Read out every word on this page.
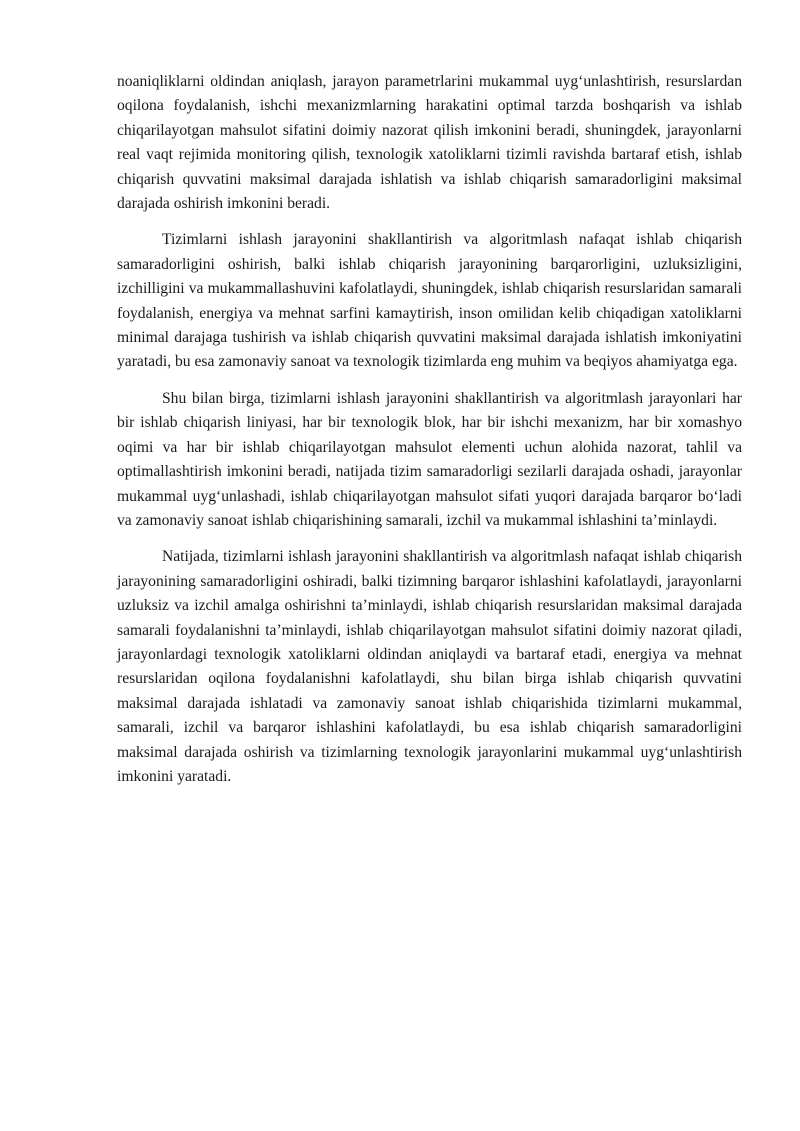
noaniqliklarni oldindan aniqlash, jarayon parametrlarini mukammal uyg‘unlashtirish, resurslardan oqilona foydalanish, ishchi mexanizmlarning harakatini optimal tarzda boshqarish va ishlab chiqarilayotgan mahsulot sifatini doimiy nazorat qilish imkonini beradi, shuningdek, jarayonlarni real vaqt rejimida monitoring qilish, texnologik xatoliklarni tizimli ravishda bartaraf etish, ishlab chiqarish quvvatini maksimal darajada ishlatish va ishlab chiqarish samaradorligini maksimal darajada oshirish imkonini beradi.

Tizimlarni ishlash jarayonini shakllantirish va algoritmlash nafaqat ishlab chiqarish samaradorligini oshirish, balki ishlab chiqarish jarayonining barqarorligini, uzluksizligini, izchilligini va mukammallashuvini kafolatlaydi, shuningdek, ishlab chiqarish resurslaridan samarali foydalanish, energiya va mehnat sarfini kamaytirish, inson omilidan kelib chiqadigan xatoliklarni minimal darajaga tushirish va ishlab chiqarish quvvatini maksimal darajada ishlatish imkoniyatini yaratadi, bu esa zamonaviy sanoat va texnologik tizimlarda eng muhim va beqiyos ahamiyatga ega.

Shu bilan birga, tizimlarni ishlash jarayonini shakllantirish va algoritmlash jarayonlari har bir ishlab chiqarish liniyasi, har bir texnologik blok, har bir ishchi mexanizm, har bir xomashyo oqimi va har bir ishlab chiqarilayotgan mahsulot elementi uchun alohida nazorat, tahlil va optimallashtirish imkonini beradi, natijada tizim samaradorligi sezilarli darajada oshadi, jarayonlar mukammal uyg‘unlashadi, ishlab chiqarilayotgan mahsulot sifati yuqori darajada barqaror bo‘ladi va zamonaviy sanoat ishlab chiqarishining samarali, izchil va mukammal ishlashini ta’minlaydi.

Natijada, tizimlarni ishlash jarayonini shakllantirish va algoritmlash nafaqat ishlab chiqarish jarayonining samaradorligini oshiradi, balki tizimning barqaror ishlashini kafolatlaydi, jarayonlarni uzluksiz va izchil amalga oshirishni ta’minlaydi, ishlab chiqarish resurslaridan maksimal darajada samarali foydalanishni ta’minlaydi, ishlab chiqarilayotgan mahsulot sifatini doimiy nazorat qiladi, jarayonlardagi texnologik xatoliklarni oldindan aniqlaydi va bartaraf etadi, energiya va mehnat resurslaridan oqilona foydalanishni kafolatlaydi, shu bilan birga ishlab chiqarish quvvatini maksimal darajada ishlatadi va zamonaviy sanoat ishlab chiqarishida tizimlarni mukammal, samarali, izchil va barqaror ishlashini kafolatlaydi, bu esa ishlab chiqarish samaradorligini maksimal darajada oshirish va tizimlarning texnologik jarayonlarini mukammal uyg‘unlashtirish imkonini yaratadi.
